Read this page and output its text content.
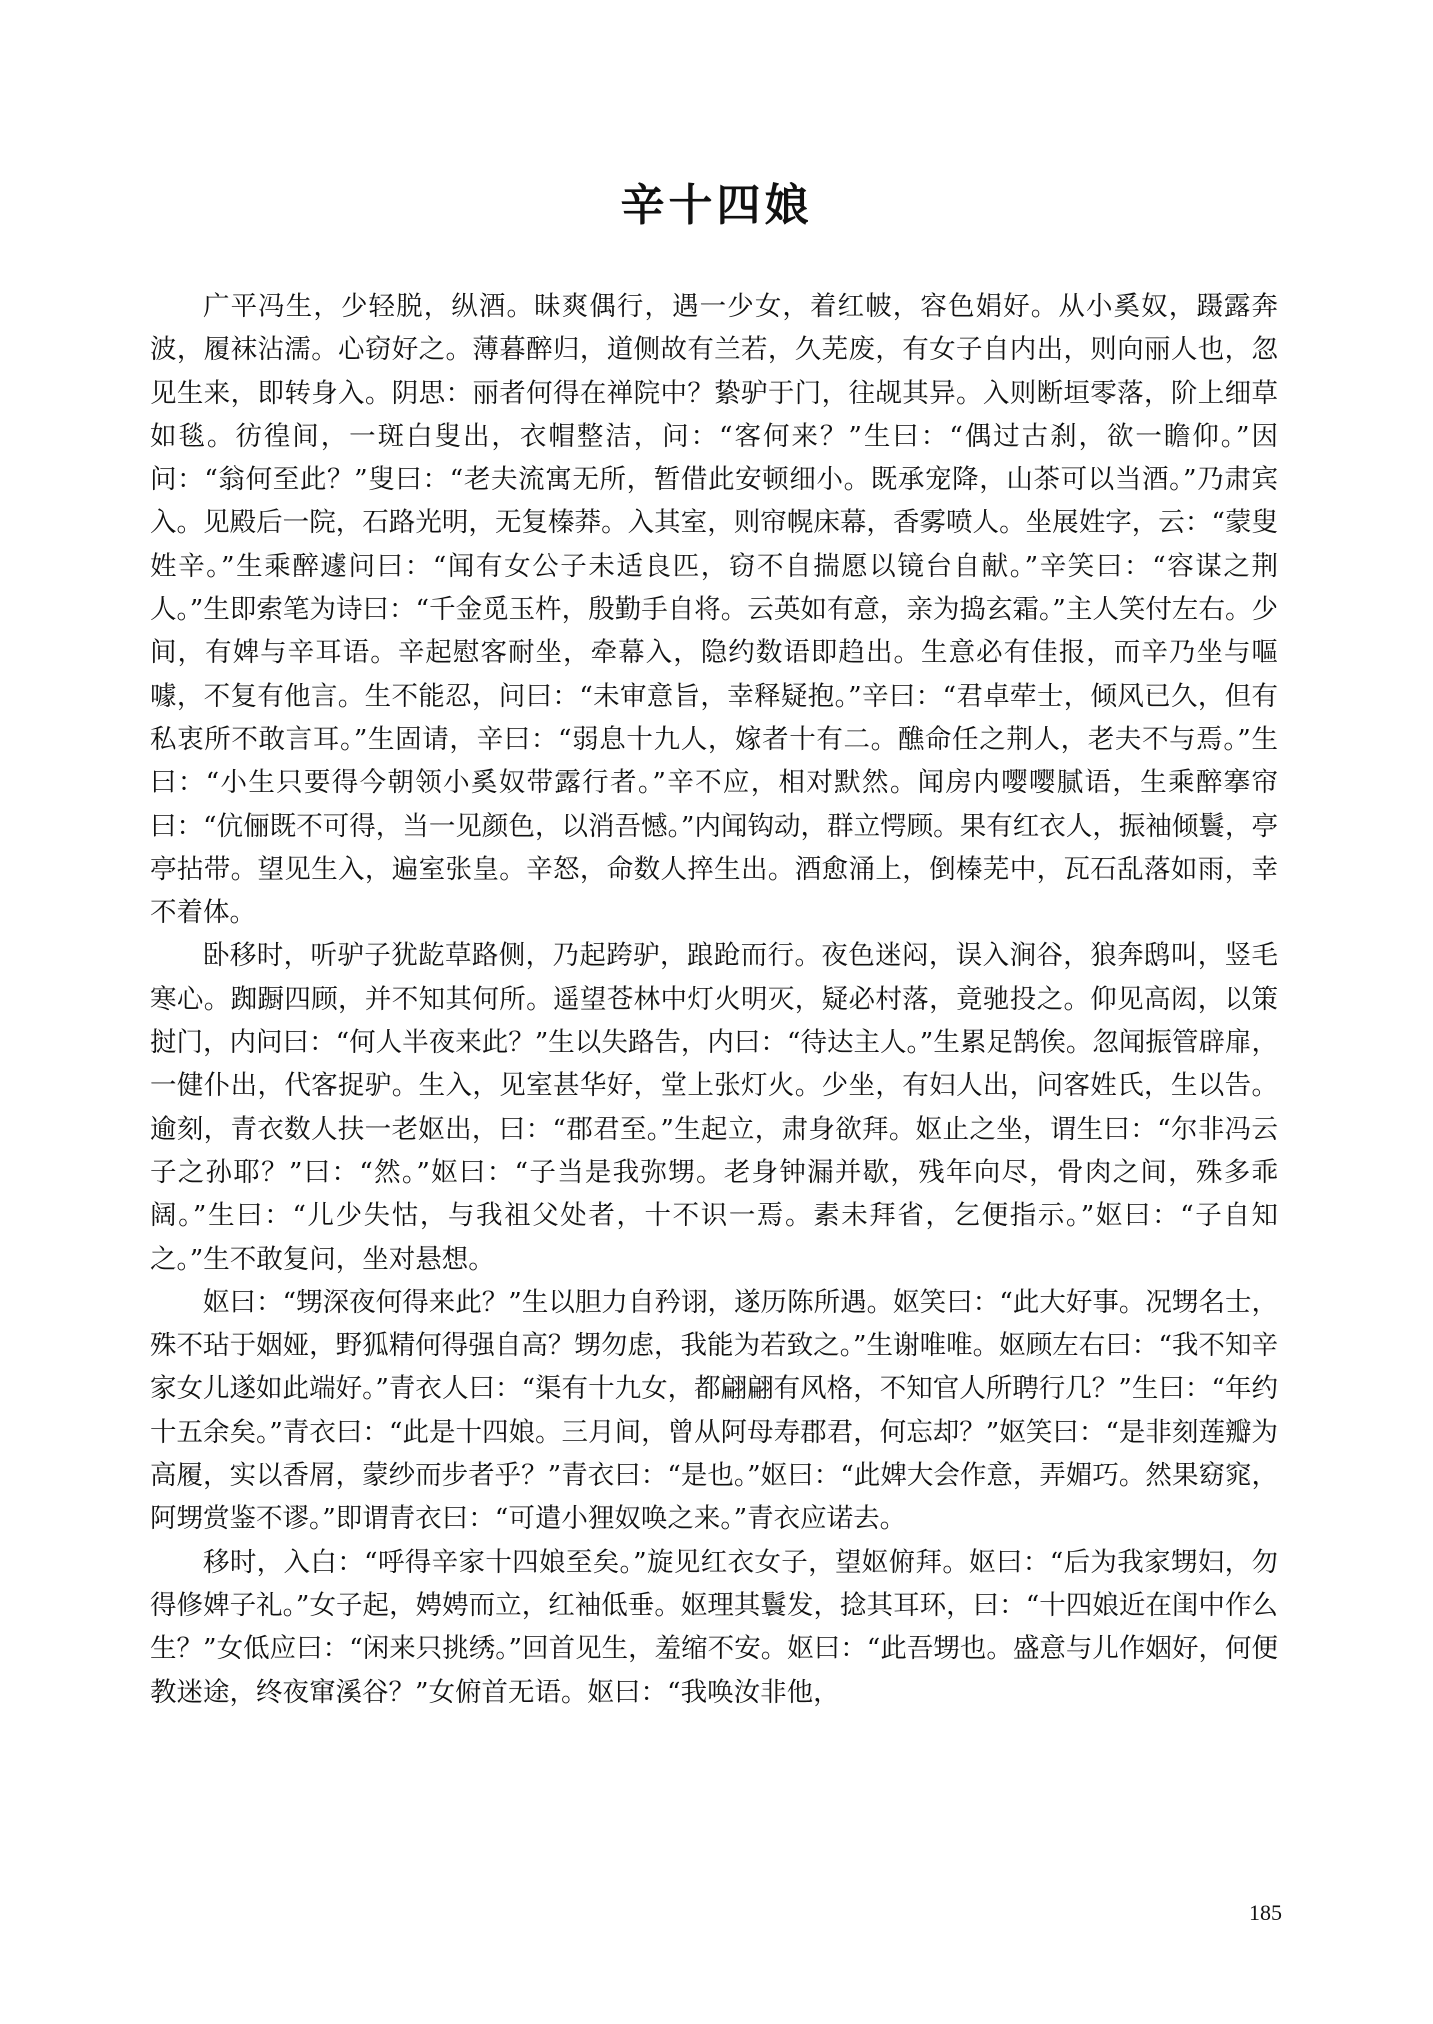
辛十四娘

广平冯生，少轻脱，纵酒。昧爽偶行，遇一少女，着红帔，容色娟好。从小奚奴，蹑露奔波，履袜沾濡。心窃好之。薄暮醉归，道侧故有兰若，久芜废，有女子自内出，则向丽人也，忽见生来，即转身入。阴思：丽者何得在禅院中？絷驴于门，往觇其异。入则断垣零落，阶上细草如毯。彷徨间，一斑白叟出，衣帽整洁，问：“客何来？”生曰：“偶过古刹，欲一瞻仰。”因问：“翁何至此？”叟曰：“老夫流寓无所，暂借此安顿细小。既承宠降，山茶可以当酒。”乃肃宾入。见殿后一院，石路光明，无复榛莽。入其室，则帘幌床幕，香雾喷人。坐展姓字，云：“蒙叟姓辛。”生乘醉遽问曰：“闻有女公子未适良匹，窃不自揣愿以镜台自献。”辛笑曰：“容谋之荆人。”生即索笔为诗曰：“千金觅玉杵，殷勤手自将。云英如有意，亲为捣玄霜。”主人笑付左右。少间，有婢与辛耳语。辛起慰客耐坐，牵幕入，隐约数语即趋出。生意必有佳报，而辛乃坐与嘔噱，不复有他言。生不能忍，问曰：“未审意旨，幸释疑抱。”辛曰：“君卓荦士，倾风已久，但有私衷所不敢言耳。”生固请，辛曰：“弱息十九人，嫁者十有二。醮命任之荆人，老夫不与焉。”生曰：“小生只要得今朝领小奚奴带露行者。”辛不应，相对默然。闻房内嘤嘤腻语，生乘醉搴帘曰：“伉俪既不可得，当一见颜色，以消吾憾。”内闻钩动，群立愕顾。果有红衣人，振袖倾鬟，亭亭拈带。望见生入，遍室张皇。辛怒，命数人捽生出。酒愈涌上，倒榛芜中，瓦石乱落如雨，幸不着体。

卧移时，听驴子犹龁草路侧，乃起跨驴，踉跄而行。夜色迷闷，误入涧谷，狼奔鸱叫，竖毛寒心。踟蹰四顾，并不知其何所。遥望苍林中灯火明灭，疑必村落，竟驰投之。仰见高闳，以策挝门，内问曰：“何人半夜来此？”生以失路告，内曰：“待达主人。”生累足鹄俟。忽闻振管辟扉，一健仆出，代客捉驴。生入，见室甚华好，堂上张灯火。少坐，有妇人出，问客姓氏，生以告。逾刻，青衣数人扶一老妪出，曰：“郡君至。”生起立，肃身欲拜。妪止之坐，谓生曰：“尔非冯云子之孙耶？”曰：“然。”妪曰：“子当是我弥甥。老身钟漏并歇，残年向尽，骨肉之间，殊多乖阔。”生曰：“儿少失怙，与我祖父处者，十不识一焉。素未拜省，乞便指示。”妪曰：“子自知之。”生不敢复问，坐对悬想。

妪曰：“甥深夜何得来此？”生以胆力自矜诩，遂历陈所遇。妪笑曰：“此大好事。况甥名士，殊不玷于姻娅，野狐精何得强自高？甥勿虑，我能为若致之。”生谢唯唯。妪顾左右曰：“我不知辛家女儿遂如此端好。”青衣人曰：“渠有十九女，都翩翩有风格，不知官人所聘行几？”生曰：“年约十五余矣。”青衣曰：“此是十四娘。三月间，曾从阿母寿郡君，何忘却？”妪笑曰：“是非刻莲瓣为高履，实以香屑，蒙纱而步者乎？”青衣曰：“是也。”妪曰：“此婢大会作意，弄媚巧。然果窈窕，阿甥赏鉴不谬。”即谓青衣曰：“可遣小狸奴唤之来。”青衣应诺去。

移时，入白：“呼得辛家十四娘至矣。”旋见红衣女子，望妪俯拜。妪曰：“后为我家甥妇，勿得修婢子礼。”女子起，娉娉而立，红袖低垂。妪理其鬟发，捻其耳环，曰：“十四娘近在闺中作么生？”女低应曰：“闲来只挑绣。”回首见生，羞缩不安。妪曰：“此吾甥也。盛意与儿作姻好，何便教迷途，终夜窜溪谷？”女俯首无语。妪曰：“我唤汝非他，

185
